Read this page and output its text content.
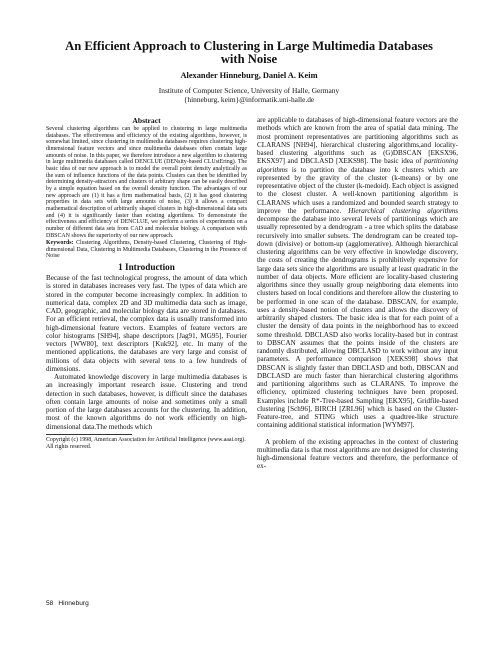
An Efficient Approach to Clustering in Large Multimedia Databases
with Noise
Alexander Hinneburg, Daniel A. Keim
Institute of Computer Science, University of Halle, Germany
{hinneburg, keim}@informatik.uni-halle.de
Abstract

Several clustering algorithms can be applied to clustering in large multimedia databases. The effectiveness and efficiency of the existing algorithms, however, is somewhat limited, since clustering in multimedia databases requires clustering high-dimensional feature vectors and since multimedia databases often contain large amounts of noise. In this paper, we therefore introduce a new algorithm to clustering in large multimedia databases called DENCLUE (DENsity-based CLUstEring). The basic idea of our new approach is to model the overall point density analytically as the sum of influence functions of the data points. Clusters can then be identified by determining density-attractors and clusters of arbitrary shape can be easily described by a simple equation based on the overall density function. The advantages of our new approach are (1) it has a firm mathematical basis, (2) it has good clustering properties in data sets with large amounts of noise, (3) it allows a compact mathematical description of arbitrarily shaped clusters in high-dimensional data sets and (4) it is significantly faster than existing algorithms. To demonstrate the effectiveness and efficiency of DENCLUE, we perform a series of experiments on a number of different data sets from CAD and molecular biology. A comparison with DBSCAN shows the superiority of our new approach.

Keywords: Clustering Algorithms, Density-based Clustering, Clustering of High-dimensional Data, Clustering in Multimedia Databases, Clustering in the Presence of Noise

1 Introduction

Because of the fast technological progress, the amount of data which is stored in databases increases very fast. The types of data which are stored in the computer become increasingly complex. In addition to numerical data, complex 2D and 3D multimedia data such as image, CAD, geographic, and molecular biology data are stored in databases. For an efficient retrieval, the complex data is usually transformed into high-dimensional feature vectors. Examples of feature vectors are color histograms [SH94], shape descriptors [Jag91, MG95], Fourier vectors [WW80], text descriptors [Kuk92], etc. In many of the mentioned applications, the databases are very large and consist of millions of data objects with several tens to a few hundreds of dimensions.

Automated knowledge discovery in large multimedia databases is an increasingly important research issue. Clustering and trend detection in such databases, however, is difficult since the databases often contain large amounts of noise and sometimes only a small portion of the large databases accounts for the clustering. In addition, most of the known algorithms do not work efficiently on high-dimensional data.The methods which

Copyright (c) 1998, American Association for Artificial Intelligence (www.aaai.org). All rights reserved.

are applicable to databases of high-dimensional feature vectors are the methods which are known from the area of spatial data mining. The most prominent representatives are partitioning algorithms such as CLARANS [NH94], hierarchical clustering algorithms,and locality-based clustering algorithms such as (G)DBSCAN [EKSX96, EKSX97] and DBCLASD [XEKS98]. The basic idea of partitioning algorithms is to partition the database into k clusters which are represented by the gravity of the cluster (k-means) or by one representative object of the cluster (k-medoid). Each object is assigned to the closest cluster. A well-known partitioning algorithm is CLARANS which uses a randomized and bounded search strategy to improve the performance. Hierarchical clustering algorithms decompose the database into several levels of partitionings which are usually represented by a dendrogram - a tree which splits the database recursively into smaller subsets. The dendrogram can be created top-down (divisive) or bottom-up (agglomerative). Although hierarchical clustering algorithms can be very effective in knowledge discovery, the costs of creating the dendrograms is prohibitively expensive for large data sets since the algorithms are usually at least quadratic in the number of data objects. More efficient are locality-based clustering algorithms since they usually group neighboring data elements into clusters based on local conditions and therefore allow the clustering to be performed in one scan of the database. DBSCAN, for example, uses a density-based notion of clusters and allows the discovery of arbitrarily shaped clusters. The basic idea is that for each point of a cluster the density of data points in the neighborhood has to exceed some threshold. DBCLASD also works locality-based but in contrast to DBSCAN assumes that the points inside of the clusters are randomly distributed, allowing DBCLASD to work without any input parameters. A performance comparison [XEKS98] shows that DBSCAN is slightly faster than DBCLASD and both, DBSCAN and DBCLASD are much faster than hierarchical clustering algorithms and partitioning algorithms such as CLARANS. To improve the efficiency, optimized clustering techniques have been proposed. Examples include R*-Tree-based Sampling [EKX95], Gridfile-based clustering [Sch96], BIRCH [ZRL96] which is based on the Cluster-Feature-tree, and STING which uses a quadtree-like structure containing additional statistical information [WYM97].

A problem of the existing approaches in the context of clustering multimedia data is that most algorithms are not designed for clustering high-dimensional feature vectors and therefore, the performance of ex-

58 Hinneburg
